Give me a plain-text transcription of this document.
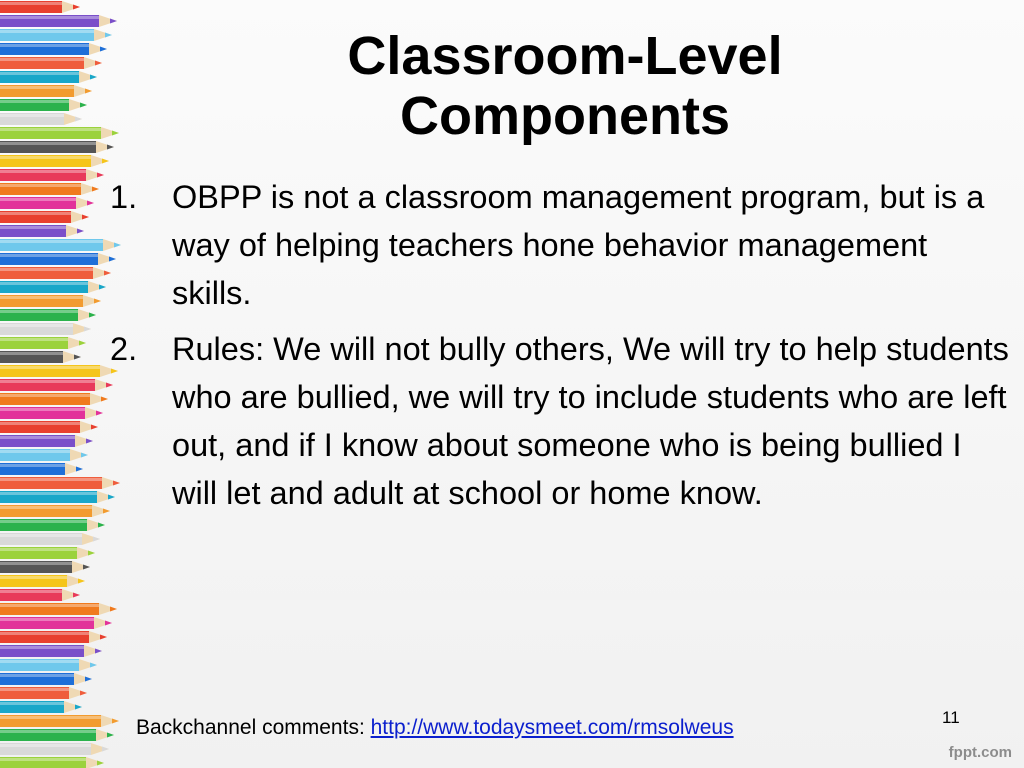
Classroom-Level
Components
1. OBPP is not a classroom management program, but is a way of helping teachers hone behavior management skills.
2. Rules: We will not bully others, We will try to help students who are bullied, we will try to include students who are left out, and if I know about someone who is being bullied I will let and adult at school or home know.
Backchannel comments: http://www.todaysmeet.com/rmsolweus	11
fppt.com
